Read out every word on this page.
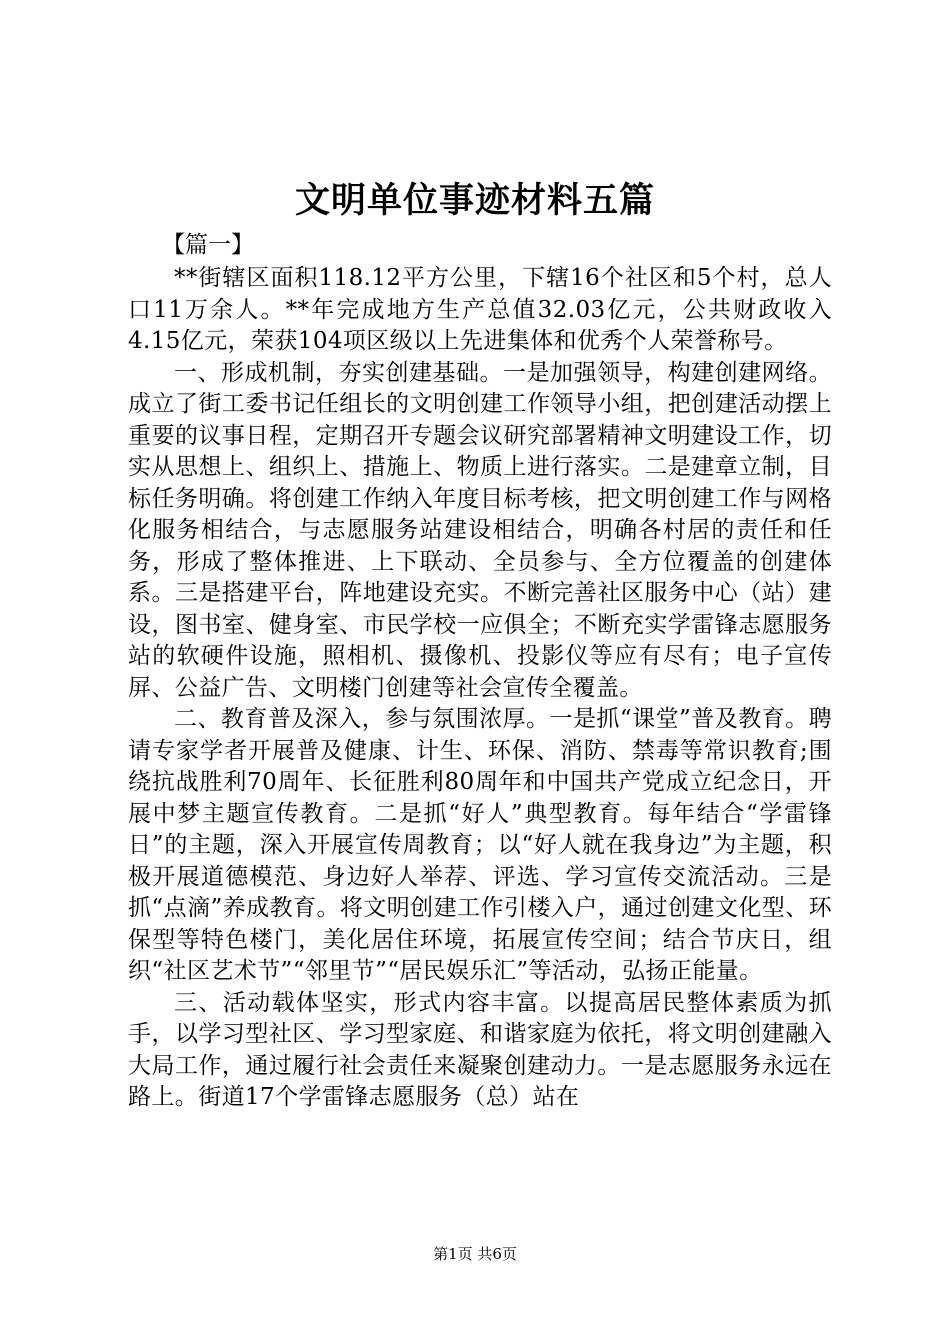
文明单位事迹材料五篇

【篇一】

**街辖区面积118.12平方公里，下辖16个社区和5个村，总人口11万余人。**年完成地方生产总值32.03亿元，公共财政收入4.15亿元，荣获104项区级以上先进集体和优秀个人荣誉称号。

一、形成机制，夯实创建基础。一是加强领导，构建创建网络。成立了街工委书记任组长的文明创建工作领导小组，把创建活动摆上重要的议事日程，定期召开专题会议研究部署精神文明建设工作，切实从思想上、组织上、措施上、物质上进行落实。二是建章立制，目标任务明确。将创建工作纳入年度目标考核，把文明创建工作与网格化服务相结合，与志愿服务站建设相结合，明确各村居的责任和任务，形成了整体推进、上下联动、全员参与、全方位覆盖的创建体系。三是搭建平台，阵地建设充实。不断完善社区服务中心（站）建设，图书室、健身室、市民学校一应俱全；不断充实学雷锋志愿服务站的软硬件设施，照相机、摄像机、投影仪等应有尽有；电子宣传屏、公益广告、文明楼门创建等社会宣传全覆盖。

二、教育普及深入，参与氛围浓厚。一是抓“课堂”普及教育。聘请专家学者开展普及健康、计生、环保、消防、禁毒等常识教育;围绕抗战胜利70周年、长征胜利80周年和中国共产党成立纪念日，开展中梦主题宣传教育。二是抓“好人”典型教育。每年结合“学雷锋日”的主题，深入开展宣传周教育；以“好人就在我身边”为主题，积极开展道德模范、身边好人举荐、评选、学习宣传交流活动。三是抓“点滴”养成教育。将文明创建工作引楼入户，通过创建文化型、环保型等特色楼门，美化居住环境，拓展宣传空间；结合节庆日，组织“社区艺术节”“邻里节”“居民娱乐汇”等活动，弘扬正能量。

三、活动载体坚实，形式内容丰富。以提高居民整体素质为抓手，以学习型社区、学习型家庭、和谐家庭为依托，将文明创建融入大局工作，通过履行社会责任来凝聚创建动力。一是志愿服务永远在路上。街道17个学雷锋志愿服务（总）站在

第1页 共6页
